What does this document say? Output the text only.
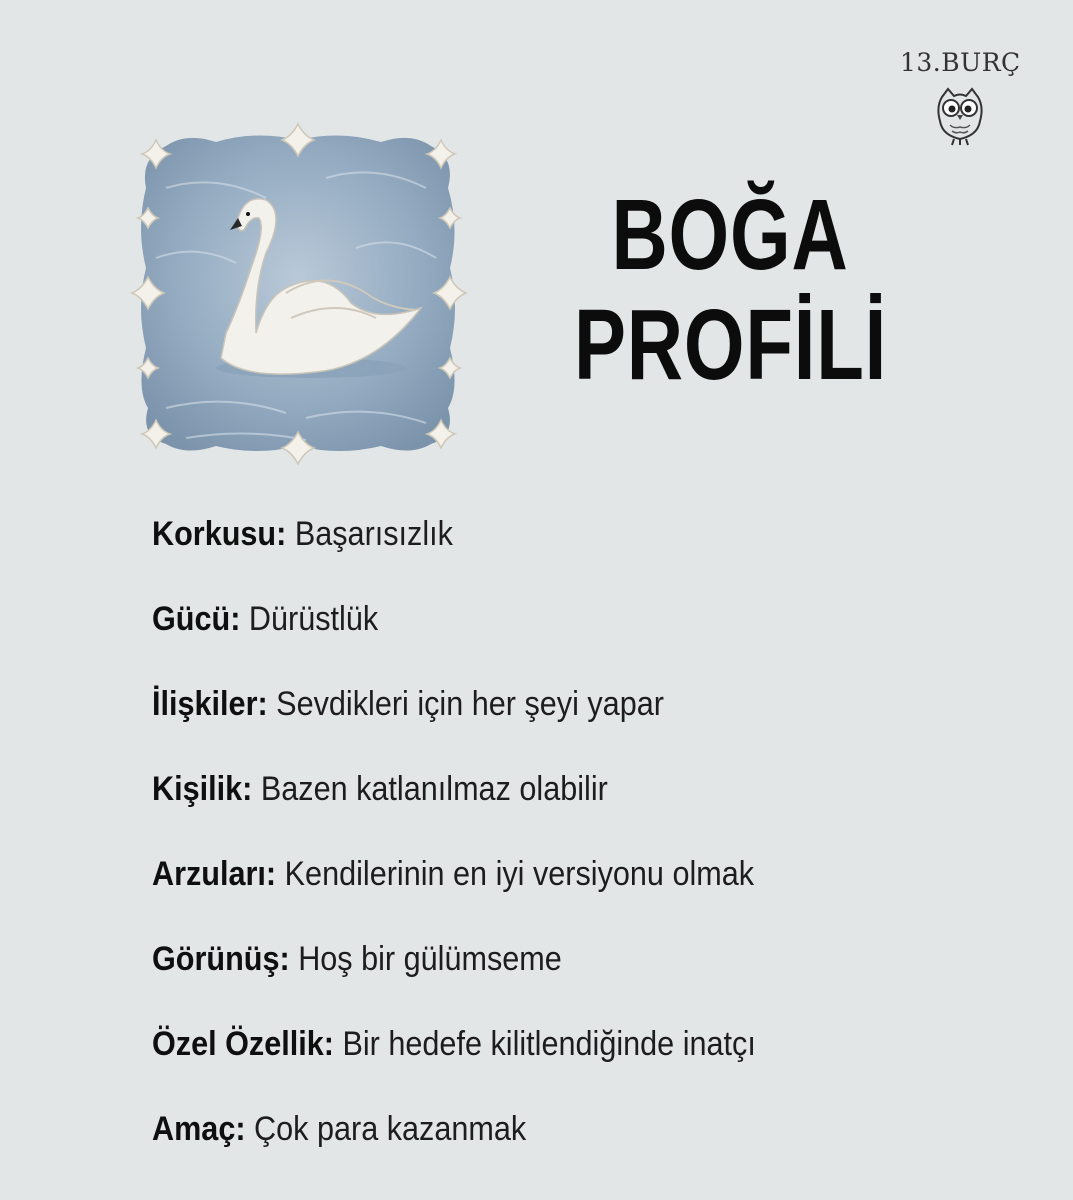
13.BURÇ
BOĞA
PROFİLİ
Korkusu: Başarısızlık
Gücü: Dürüstlük
İlişkiler: Sevdikleri için her şeyi yapar
Kişilik: Bazen katlanılmaz olabilir
Arzuları: Kendilerinin en iyi versiyonu olmak
Görünüş: Hoş bir gülümseme
Özel Özellik: Bir hedefe kilitlendiğinde inatçı
Amaç: Çok para kazanmak
